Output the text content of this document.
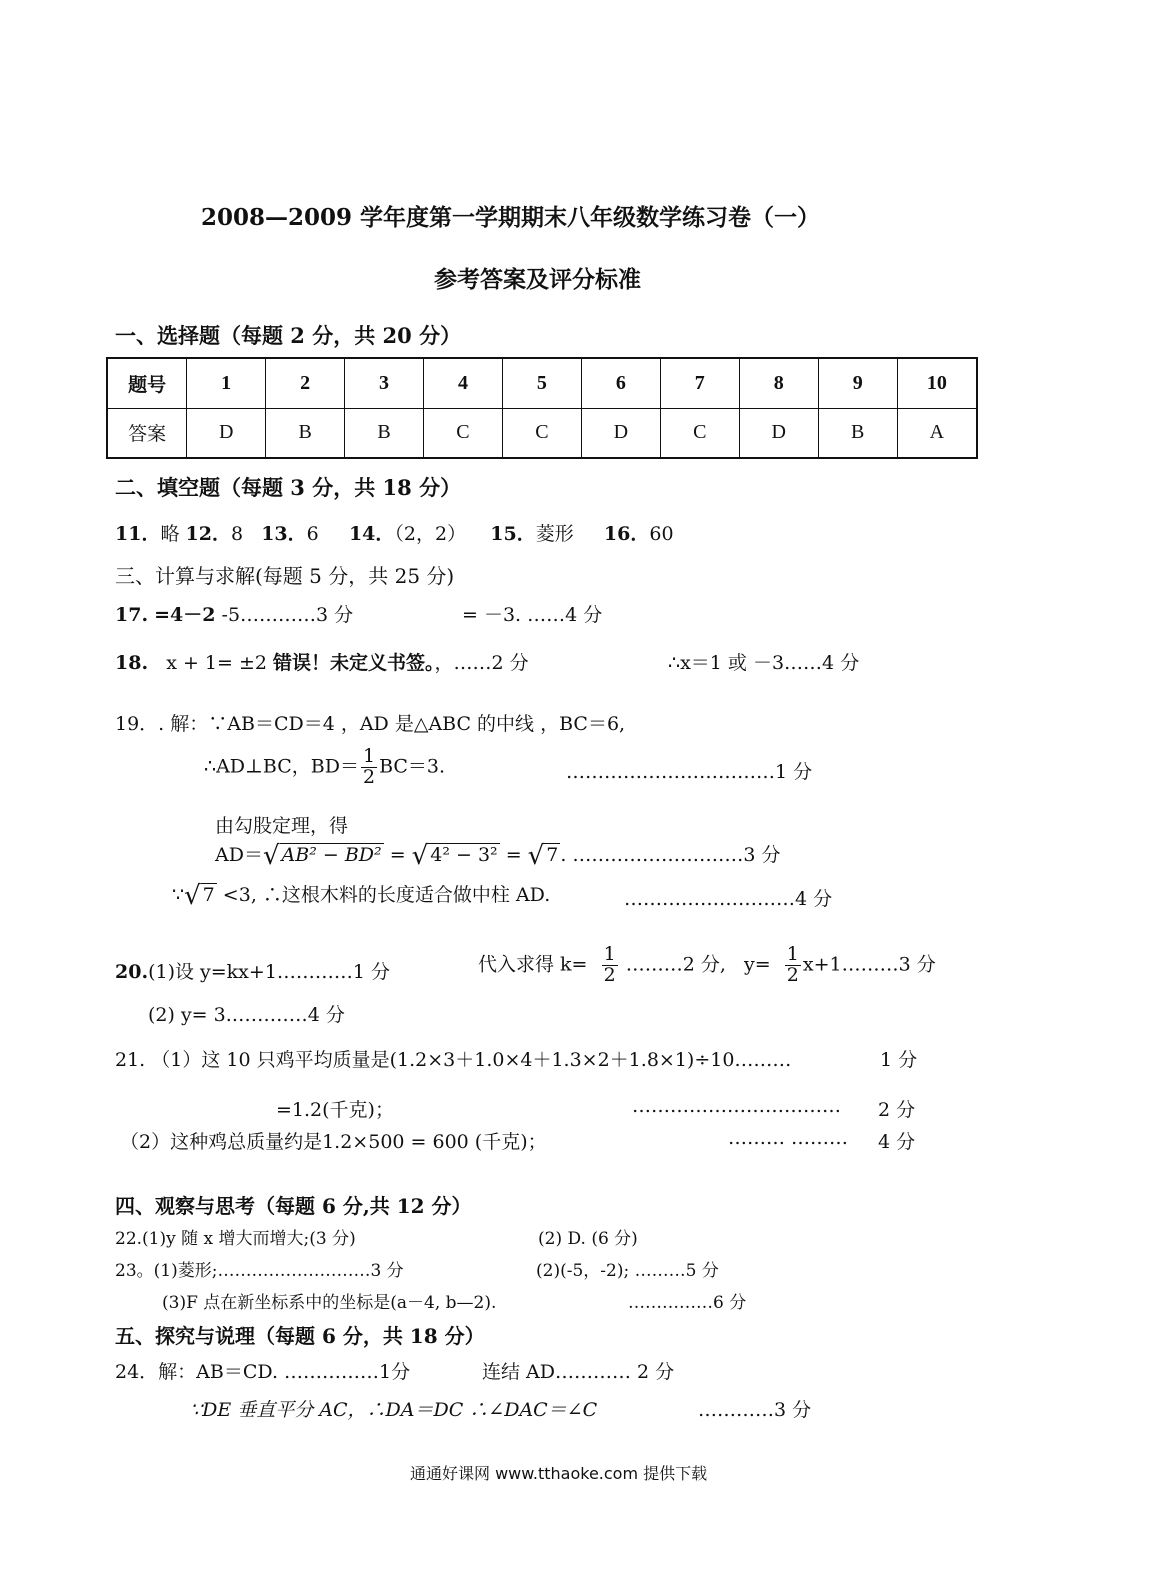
2008—2009 学年度第一学期期末八年级数学练习卷（一）
参考答案及评分标准
一、选择题（每题 2 分，共 20 分）
题号	1	2	3	4	5	6	7	8	9	10
答案	D	B	B	C	C	D	C	D	B	A
二、填空题（每题 3 分，共 18 分）
11．略 12．8 13．6 14．（2，2） 15．菱形 16．60
三、计算与求解(每题 5 分，共 25 分)
17. =4－2 -5…………3 分	= －3. ……4 分
18. x + 1= ±2 错误！未定义书签。，……2 分	∴x＝1 或 －3……4 分
19．. 解：∵AB＝CD＝4 ，AD 是△ABC 的中线 ，BC＝6,
∴AD⊥BC，$BD= \frac{1}{2} BC=3$.	……………………………1 分
由勾股定理，得
AD＝√ AB² − BD² = √ 4² − 3² = √ 7 . ………………………3 分
∵√ 7 <3, ∴这根木料的长度适合做中柱 AD.	………………………4 分
20.(1)设 y=kx+1…………1 分	代入求得 $k= \frac{1}{2}$ ………2 分, $y= \frac{1}{2}$ x+1………3 分
(2) y= 3.…………4 分
21. （1）这 10 只鸡平均质量是(1.2×3＋1.0×4＋1.3×2＋1.8×1)÷10………	1 分
=1.2(千克)；	…………………………… 2 分
（2）这种鸡总质量约是1.2×500 = 600 (千克)；	……… ……… 4 分
四、观察与思考（每题 6 分,共 12 分）
22.(1)y 随 x 增大而增大;(3 分)	(2) D. (6 分)
23。(1)菱形;………………………3 分	(2)(-5，-2); ………5 分
(3)F 点在新坐标系中的坐标是(a－4, b—2).	……………6 分
五、探究与说理（每题 6 分，共 18 分）
24．解：AB＝CD. ……………1分	连结 AD………… 2 分
∵DE 垂直平分 AC，∴DA＝DC ∴∠DAC＝∠C	…………3 分
通通好课网 www.tthaoke.com 提供下载
